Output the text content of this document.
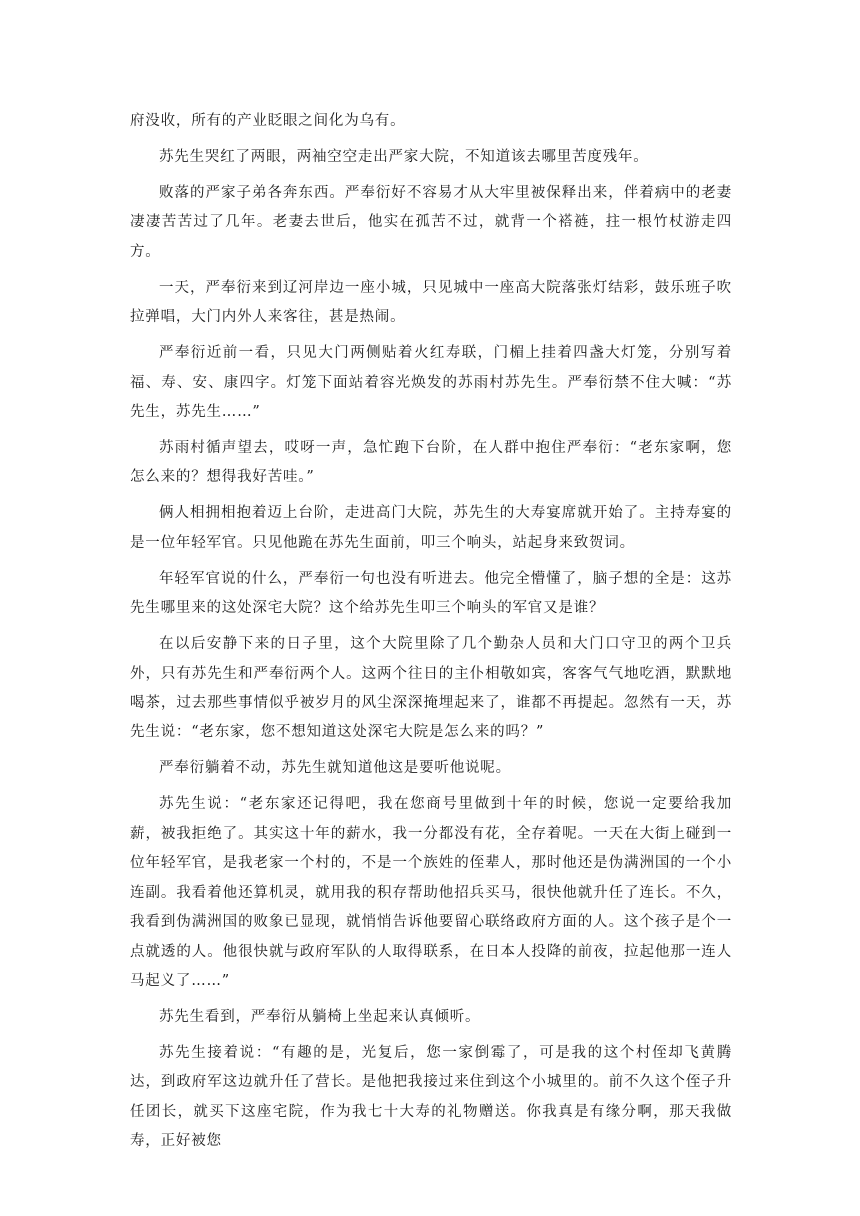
府没收，所有的产业眨眼之间化为乌有。

苏先生哭红了两眼，两袖空空走出严家大院，不知道该去哪里苦度残年。

败落的严家子弟各奔东西。严奉衍好不容易才从大牢里被保释出来，伴着病中的老妻凄凄苦苦过了几年。老妻去世后，他实在孤苦不过，就背一个褡裢，拄一根竹杖游走四方。

一天，严奉衍来到辽河岸边一座小城，只见城中一座高大院落张灯结彩，鼓乐班子吹拉弹唱，大门内外人来客往，甚是热闹。

严奉衍近前一看，只见大门两侧贴着火红寿联，门楣上挂着四盏大灯笼，分别写着福、寿、安、康四字。灯笼下面站着容光焕发的苏雨村苏先生。严奉衍禁不住大喊：“苏先生，苏先生……”

苏雨村循声望去，哎呀一声，急忙跑下台阶，在人群中抱住严奉衍：“老东家啊，您怎么来的？想得我好苦哇。”

俩人相拥相抱着迈上台阶，走进高门大院，苏先生的大寿宴席就开始了。主持寿宴的是一位年轻军官。只见他跪在苏先生面前，叩三个响头，站起身来致贺词。

年轻军官说的什么，严奉衍一句也没有听进去。他完全懵懂了，脑子想的全是：这苏先生哪里来的这处深宅大院？这个给苏先生叩三个响头的军官又是谁？

在以后安静下来的日子里，这个大院里除了几个勤杂人员和大门口守卫的两个卫兵外，只有苏先生和严奉衍两个人。这两个往日的主仆相敬如宾，客客气气地吃酒，默默地喝茶，过去那些事情似乎被岁月的风尘深深掩埋起来了，谁都不再提起。忽然有一天，苏先生说：“老东家，您不想知道这处深宅大院是怎么来的吗？”

严奉衍躺着不动，苏先生就知道他这是要听他说呢。

苏先生说：“老东家还记得吧，我在您商号里做到十年的时候，您说一定要给我加薪，被我拒绝了。其实这十年的薪水，我一分都没有花，全存着呢。一天在大街上碰到一位年轻军官，是我老家一个村的，不是一个族姓的侄辈人，那时他还是伪满洲国的一个小连副。我看着他还算机灵，就用我的积存帮助他招兵买马，很快他就升任了连长。不久，我看到伪满洲国的败象已显现，就悄悄告诉他要留心联络政府方面的人。这个孩子是个一点就透的人。他很快就与政府军队的人取得联系，在日本人投降的前夜，拉起他那一连人马起义了……”

苏先生看到，严奉衍从躺椅上坐起来认真倾听。

苏先生接着说：“有趣的是，光复后，您一家倒霉了，可是我的这个村侄却飞黄腾达，到政府军这边就升任了营长。是他把我接过来住到这个小城里的。前不久这个侄子升任团长，就买下这座宅院，作为我七十大寿的礼物赠送。你我真是有缘分啊，那天我做寿，正好被您
